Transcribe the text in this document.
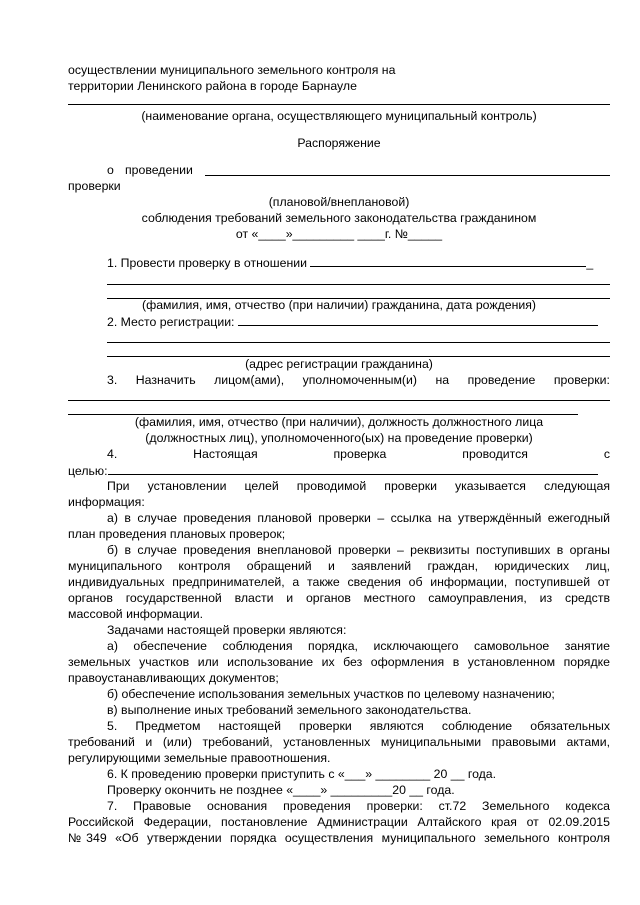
осуществлении муниципального земельного контроля на
территории Ленинского района в городе Барнауле
(наименование органа, осуществляющего муниципальный контроль)
Распоряжение
о проведении
проверки
(плановой/внеплановой)
соблюдения требований земельного законодательства гражданином
от «____»_________ ____г. №_____
1. Провести проверку в отношении	_
(фамилия, имя, отчество (при наличии) гражданина, дата рождения)
2. Место регистрации:
(адрес регистрации гражданина)
3. Назначить лицом(ами), уполномоченным(и) на проведение проверки:
(фамилия, имя, отчество (при наличии), должность должностного лица
(должностных лиц), уполномоченного(ых) на проведение проверки)
4.	Настоящая	проверка	проводится	с
целью:
При установлении целей проводимой проверки указывается следующая
информация:
а) в случае проведения плановой проверки – ссылка на утверждённый ежегодный
план проведения плановых проверок;
б) в случае проведения внеплановой проверки – реквизиты поступивших в органы
муниципального контроля обращений и заявлений граждан, юридических лиц,
индивидуальных предпринимателей, а также сведения об информации, поступившей от
органов государственной власти и органов местного самоуправления, из средств
массовой информации.
Задачами настоящей проверки являются:
а) обеспечение соблюдения порядка, исключающего самовольное занятие
земельных участков или использование их без оформления в установленном порядке
правоустанавливающих документов;
б) обеспечение использования земельных участков по целевому назначению;
в) выполнение иных требований земельного законодательства.
5. Предметом настоящей проверки являются соблюдение обязательных
требований и (или) требований, установленных муниципальными правовыми актами,
регулирующими земельные правоотношения.
6. К проведению проверки приступить с «___» ________ 20 __ года.
Проверку окончить не позднее «____» _________20 __ года.
7. Правовые основания проведения проверки: ст.72 Земельного кодекса
Российской Федерации, постановление Администрации Алтайского края от 02.09.2015
№349 «Об утверждении порядка осуществления муниципального земельного контроля
